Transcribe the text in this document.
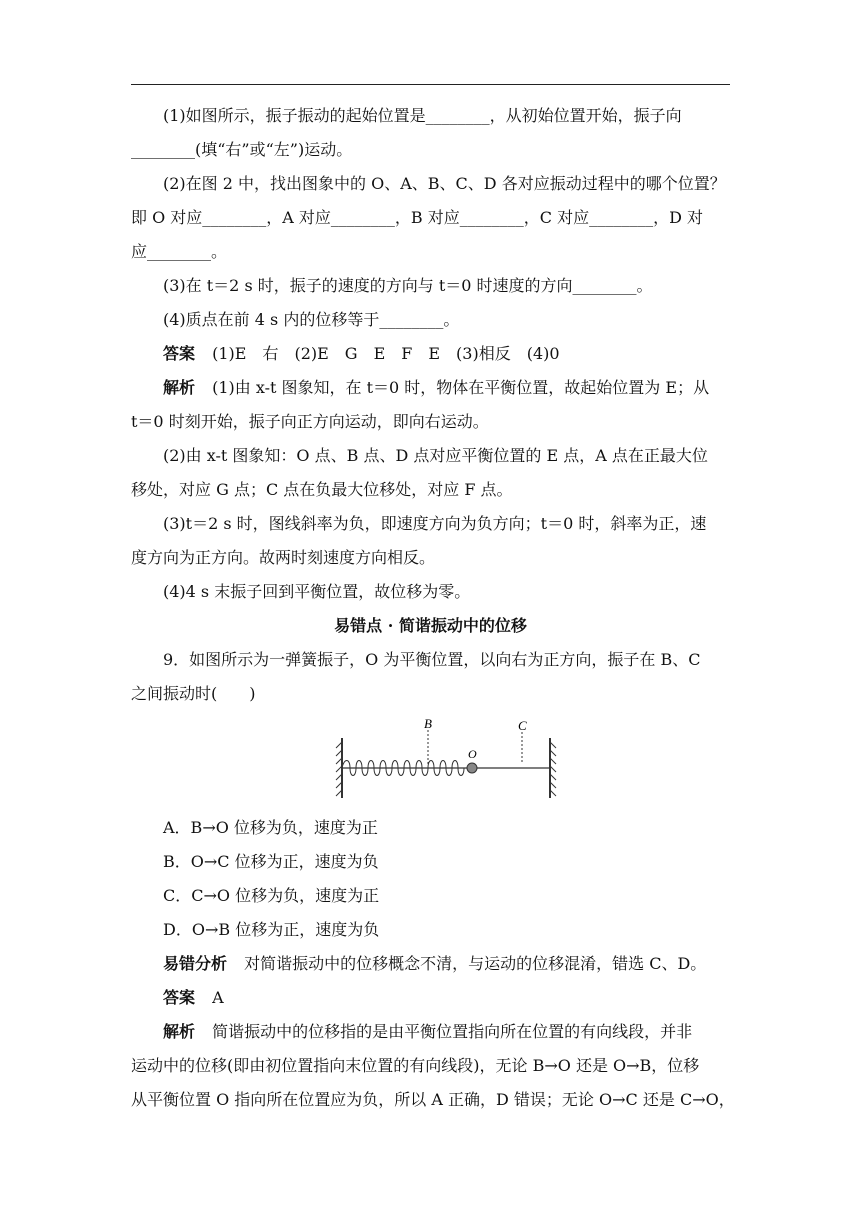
(1)如图所示，振子振动的起始位置是________，从初始位置开始，振子向
________(填“右”或“左”)运动。
(2)在图 2 中，找出图象中的 O、A、B、C、D 各对应振动过程中的哪个位置？
即 O 对应________，A 对应________，B 对应________，C 对应________，D 对
应________。
(3)在 t＝2 s 时，振子的速度的方向与 t＝0 时速度的方向________。
(4)质点在前 4 s 内的位移等于________。
答案 (1)E　右　(2)E　G　E　F　E　(3)相反　(4)0
解析 (1)由 x-t 图象知，在 t＝0 时，物体在平衡位置，故起始位置为 E；从
t＝0 时刻开始，振子向正方向运动，即向右运动。
(2)由 x-t 图象知：O 点、B 点、D 点对应平衡位置的 E 点，A 点在正最大位
移处，对应 G 点；C 点在负最大位移处，对应 F 点。
(3)t＝2 s 时，图线斜率为负，即速度方向为负方向；t＝0 时，斜率为正，速
度方向为正方向。故两时刻速度方向相反。
(4)4 s 末振子回到平衡位置，故位移为零。
易错点 · 简谐振动中的位移
9．如图所示为一弹簧振子，O 为平衡位置，以向右为正方向，振子在 B、C
之间振动时(　　)
B	C
O
A．B→O 位移为负，速度为正
B．O→C 位移为正，速度为负
C．C→O 位移为负，速度为正
D．O→B 位移为正，速度为负
易错分析 对简谐振动中的位移概念不清，与运动的位移混淆，错选 C、D。
答案 A
解析 简谐振动中的位移指的是由平衡位置指向所在位置的有向线段，并非
运动中的位移(即由初位置指向末位置的有向线段)，无论 B→O 还是 O→B，位移
从平衡位置 O 指向所在位置应为负，所以 A 正确，D 错误；无论 O→C 还是 C→O，
